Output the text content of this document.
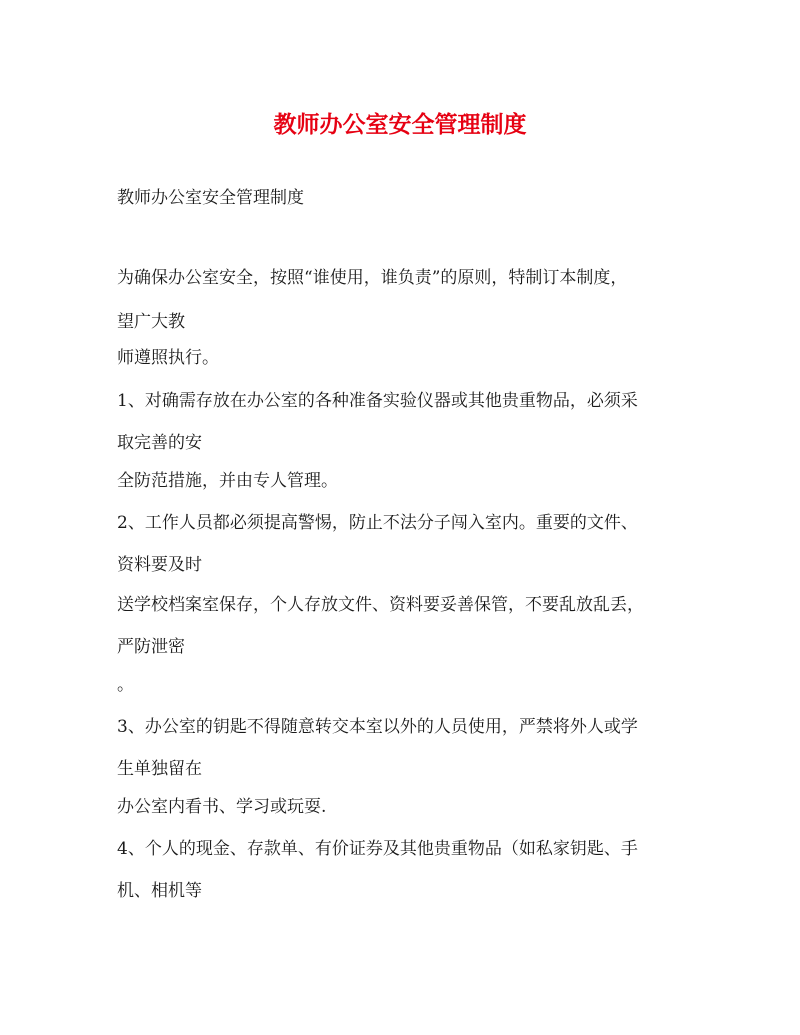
教师办公室安全管理制度

教师办公室安全管理制度

为确保办公室安全，按照“谁使用，谁负责”的原则，特制订本制度，

望广大教

师遵照执行。

1、对确需存放在办公室的各种准备实验仪器或其他贵重物品，必须采

取完善的安

全防范措施，并由专人管理。

2、工作人员都必须提高警惕，防止不法分子闯入室内。重要的文件、

资料要及时

送学校档案室保存，个人存放文件、资料要妥善保管，不要乱放乱丢，

严防泄密

。

3、办公室的钥匙不得随意转交本室以外的人员使用，严禁将外人或学

生单独留在

办公室内看书、学习或玩耍.

4、个人的现金、存款单、有价证券及其他贵重物品（如私家钥匙、手

机、相机等
